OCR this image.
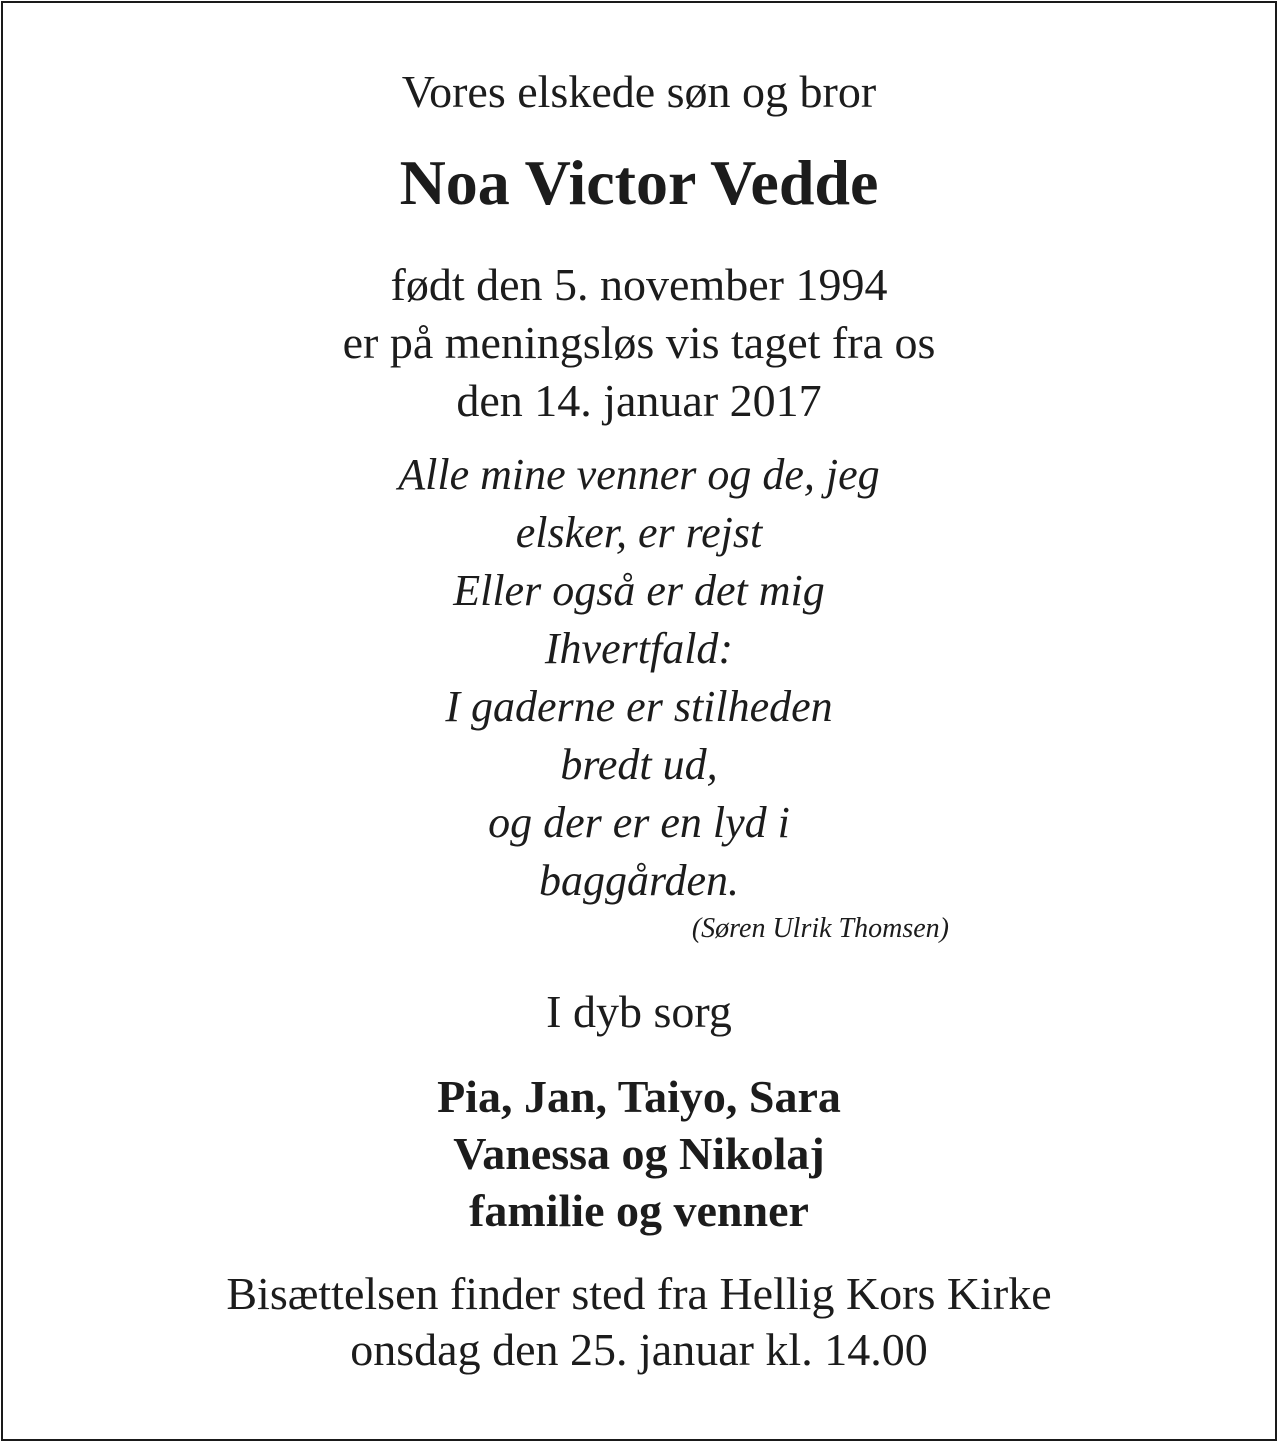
Vores elskede søn og bror
Noa Victor Vedde
født den 5. november 1994
er på meningsløs vis taget fra os
den 14. januar 2017
Alle mine venner og de, jeg
elsker, er rejst
Eller også er det mig
Ihvertfald:
I gaderne er stilheden
bredt ud,
og der er en lyd i
baggården.
(Søren Ulrik Thomsen)
I dyb sorg
Pia, Jan, Taiyo, Sara
Vanessa og Nikolaj
familie og venner
Bisættelsen finder sted fra Hellig Kors Kirke
onsdag den 25. januar kl. 14.00
